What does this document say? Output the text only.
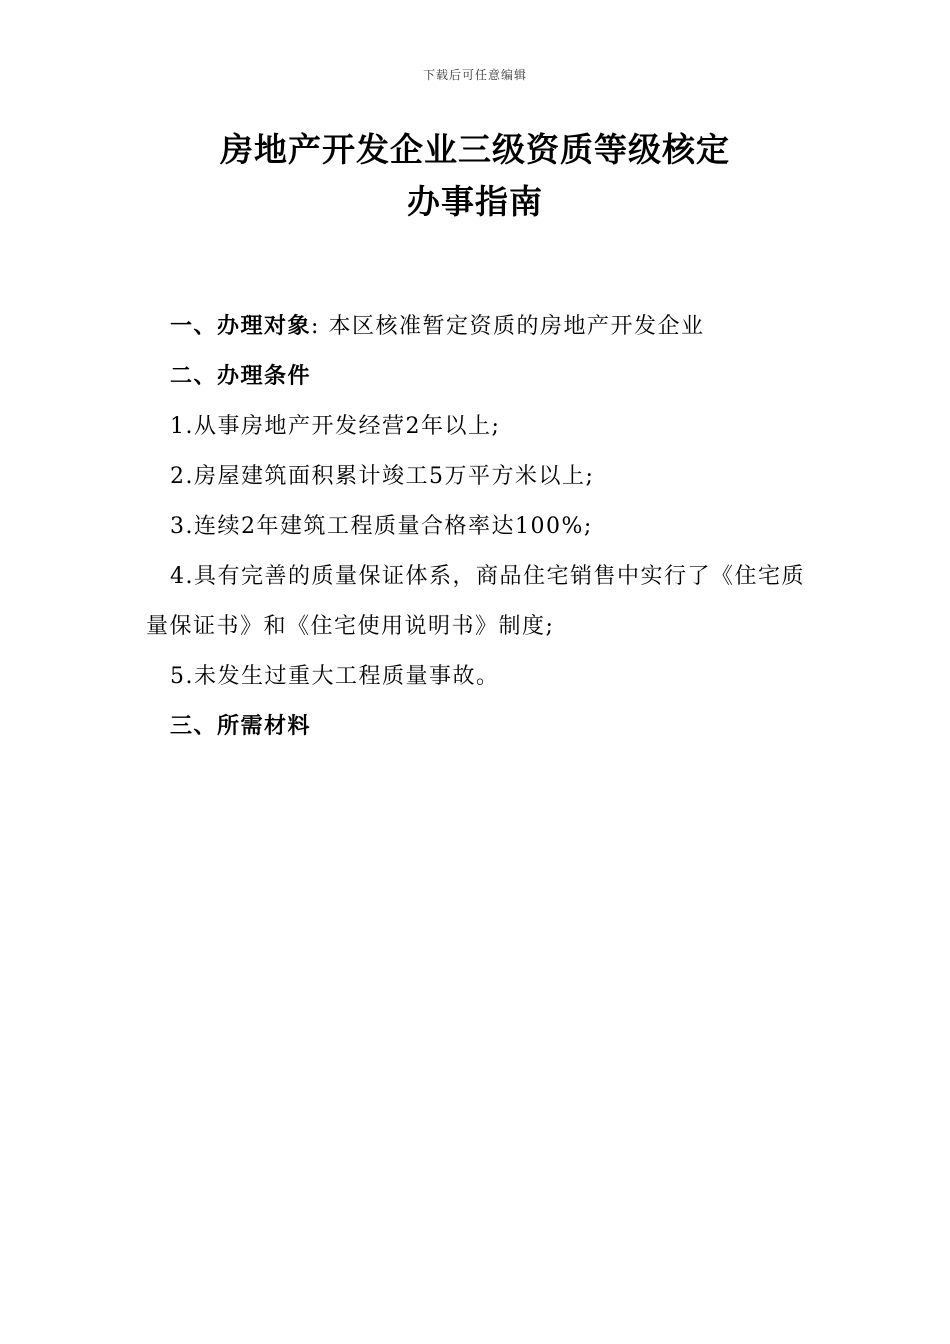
下载后可任意编辑
房地产开发企业三级资质等级核定
办事指南

一、办理对象: 本区核准暂定资质的房地产开发企业

二、办理条件

1.从事房地产开发经营2年以上;

2.房屋建筑面积累计竣工5万平方米以上;

3.连续2年建筑工程质量合格率达100%;

4.具有完善的质量保证体系，商品住宅销售中实行了《住宅质量保证书》和《住宅使用说明书》制度;

5.未发生过重大工程质量事故。

三、所需材料
